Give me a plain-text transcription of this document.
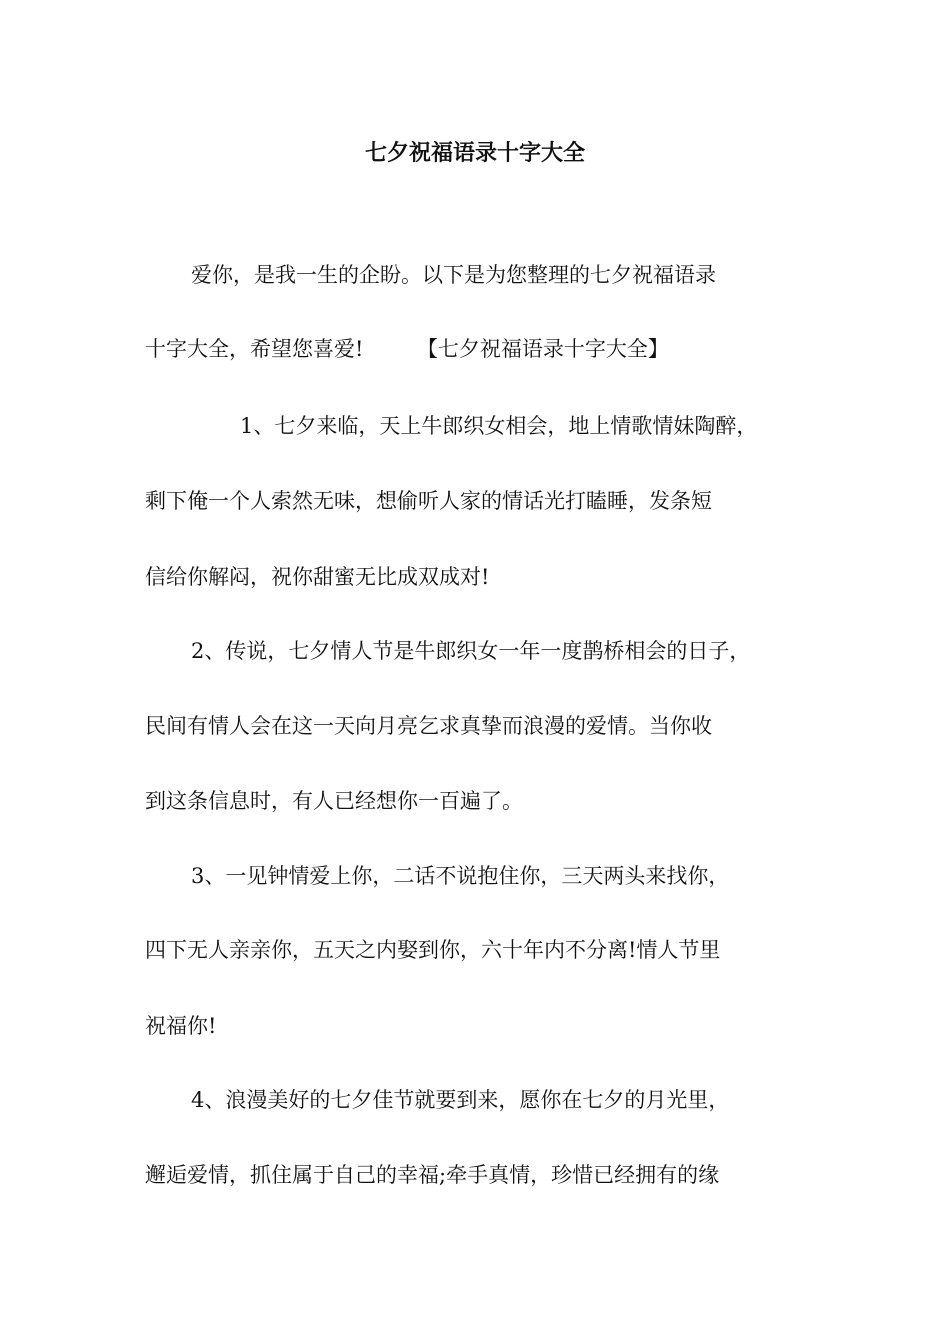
七夕祝福语录十字大全

爱你，是我一生的企盼。以下是为您整理的七夕祝福语录

十字大全，希望您喜爱!        【七夕祝福语录十字大全】

1、七夕来临，天上牛郎织女相会，地上情歌情妹陶醉，

剩下俺一个人索然无味，想偷听人家的情话光打瞌睡，发条短

信给你解闷，祝你甜蜜无比成双成对!

2、传说，七夕情人节是牛郎织女一年一度鹊桥相会的日子，

民间有情人会在这一天向月亮乞求真挚而浪漫的爱情。当你收

到这条信息时，有人已经想你一百遍了。

3、一见钟情爱上你，二话不说抱住你，三天两头来找你，

四下无人亲亲你，五天之内娶到你，六十年内不分离!情人节里

祝福你!

4、浪漫美好的七夕佳节就要到来，愿你在七夕的月光里，

邂逅爱情，抓住属于自己的幸福;牵手真情，珍惜已经拥有的缘
